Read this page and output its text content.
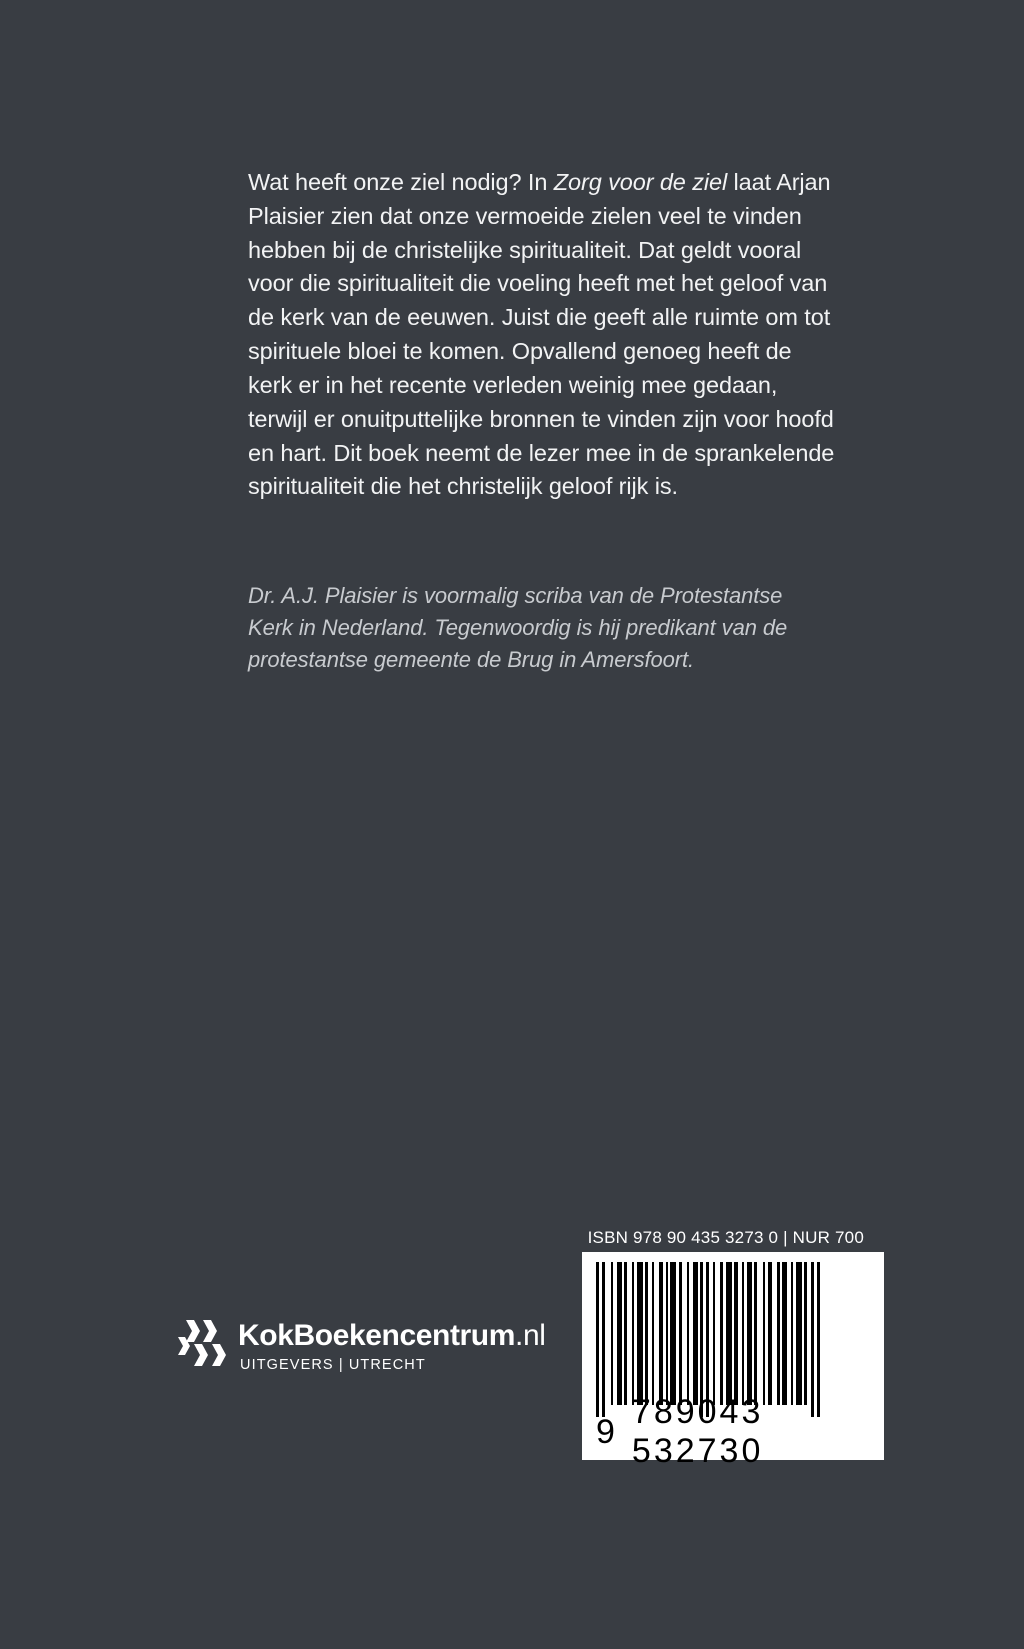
Wat heeft onze ziel nodig? In Zorg voor de ziel laat Arjan Plaisier zien dat onze vermoeide zielen veel te vinden hebben bij de christelijke spiritualiteit. Dat geldt vooral voor die spiritualiteit die voeling heeft met het geloof van de kerk van de eeuwen. Juist die geeft alle ruimte om tot spirituele bloei te komen. Opvallend genoeg heeft de kerk er in het recente verleden weinig mee gedaan, terwijl er onuitputtelijke bronnen te vinden zijn voor hoofd en hart. Dit boek neemt de lezer mee in de sprankelende spiritualiteit die het christelijk geloof rijk is.
Dr. A.J. Plaisier is voormalig scriba van de Protestantse Kerk in Nederland. Tegenwoordig is hij predikant van de protestantse gemeente de Brug in Amersfoort.
KokBoekencentrum.nl
UITGEVERS | UTRECHT
ISBN 978 90 435 3273 0 | NUR 700
9
789043 532730
